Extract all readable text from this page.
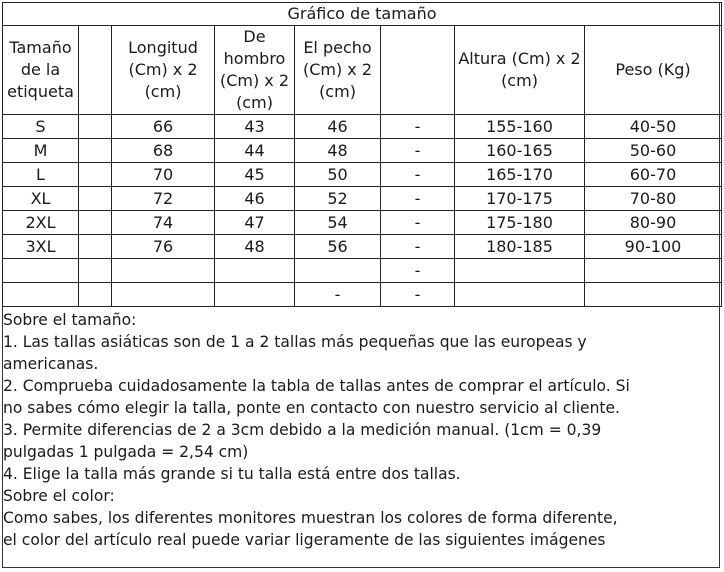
Gráfico de tamaño							
Tamaño de la etiqueta		Longitud (Cm) x 2 (cm)	De hombro (Cm) x 2 (cm)	El pecho (Cm) x 2 (cm)		Altura (Cm) x 2 (cm)	Peso (Kg)
S		66	43	46	-	155-160	40-50
M		68	44	48	-	160-165	50-60
L		70	45	50	-	165-170	60-70
XL		72	46	52	-	170-175	70-80
2XL		74	47	54	-	175-180	80-90
3XL		76	48	56	-	180-185	90-100
					-		
				-	-		
Sobre el tamaño:
1. Las tallas asiáticas son de 1 a 2 tallas más pequeñas que las europeas y
americanas.
2. Comprueba cuidadosamente la tabla de tallas antes de comprar el artículo. Si
no sabes cómo elegir la talla, ponte en contacto con nuestro servicio al cliente.
3. Permite diferencias de 2 a 3cm debido a la medición manual. (1cm = 0,39
pulgadas 1 pulgada = 2,54 cm)
4. Elige la talla más grande si tu talla está entre dos tallas.
Sobre el color:
Como sabes, los diferentes monitores muestran los colores de forma diferente,
el color del artículo real puede variar ligeramente de las siguientes imágenes
